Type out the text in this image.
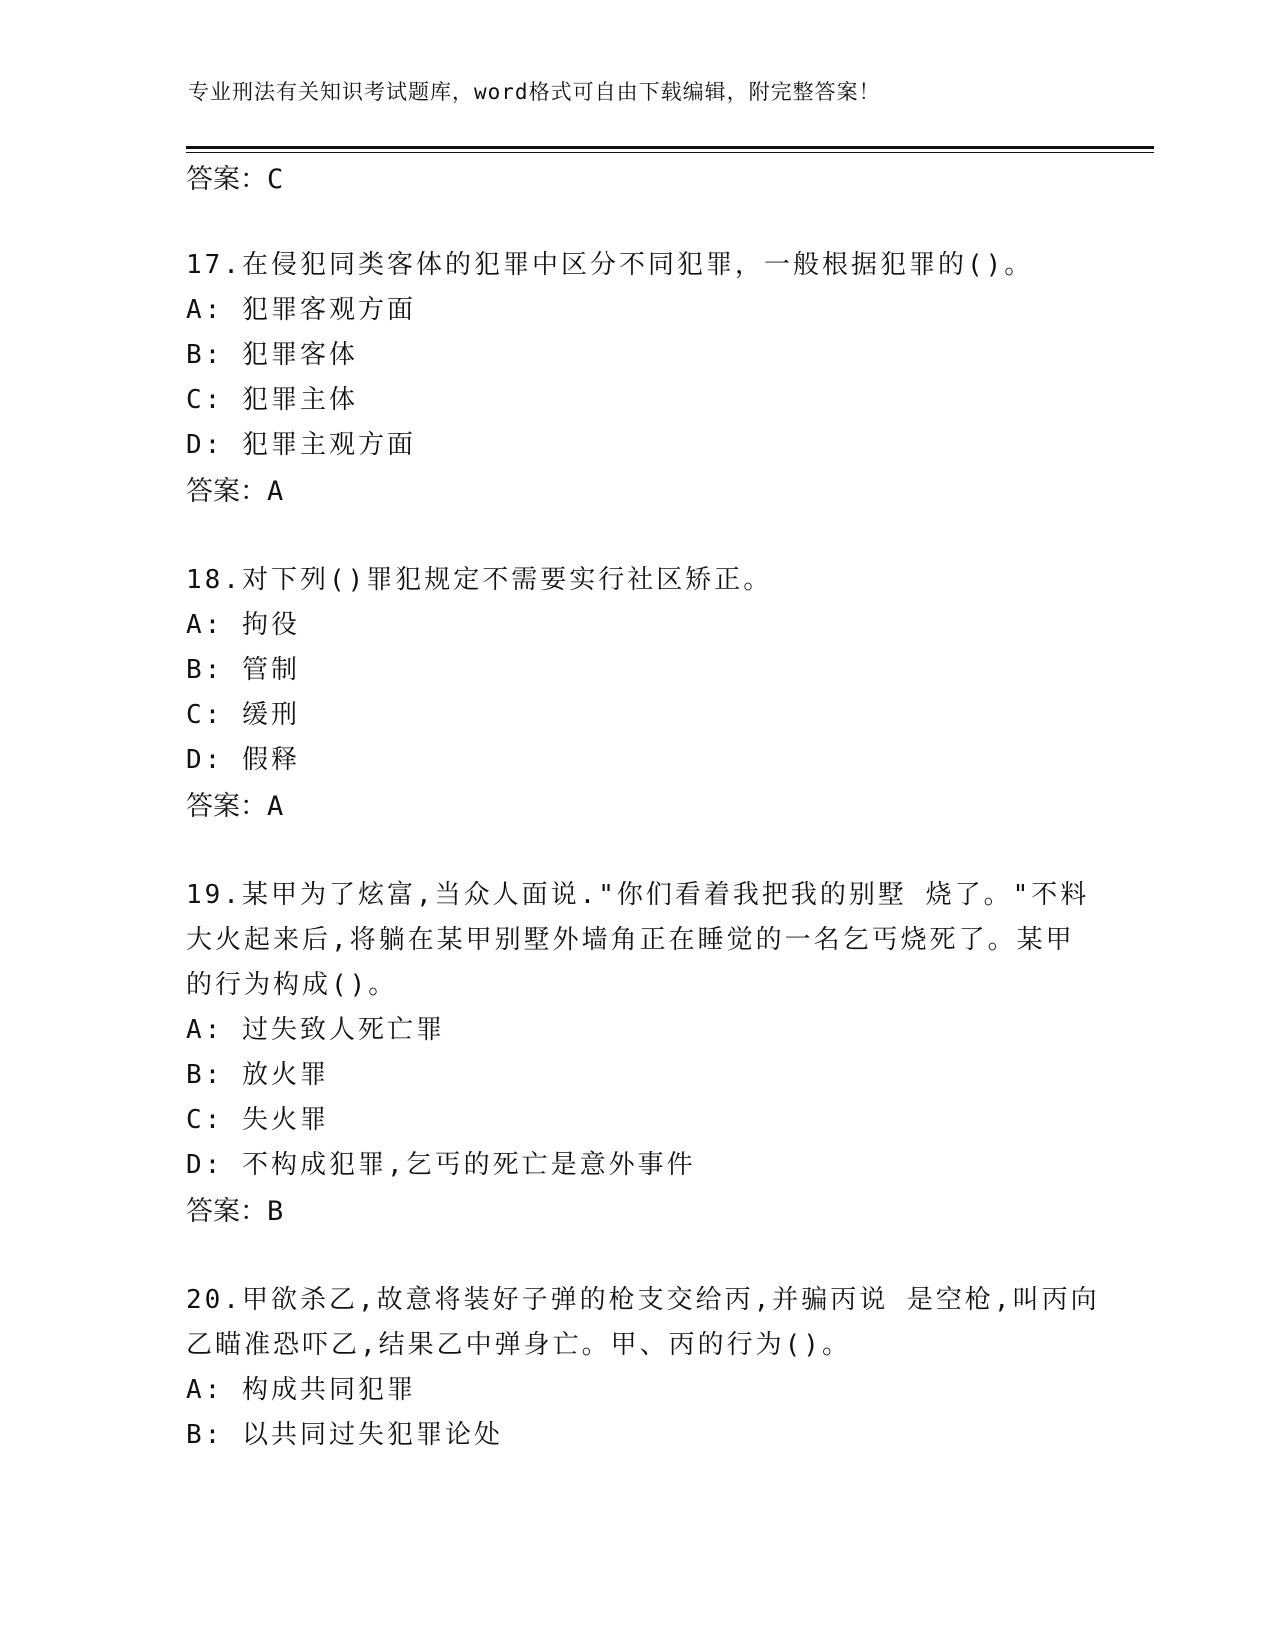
专业刑法有关知识考试题库，word格式可自由下载编辑，附完整答案！
答案：C
17.在侵犯同类客体的犯罪中区分不同犯罪，一般根据犯罪的()。
A: 犯罪客观方面
B: 犯罪客体
C: 犯罪主体
D: 犯罪主观方面
答案：A
18.对下列()罪犯规定不需要实行社区矫正。
A: 拘役
B: 管制
C: 缓刑
D: 假释
答案：A
19.某甲为了炫富,当众人面说."你们看着我把我的别墅 烧了。"不料
大火起来后,将躺在某甲别墅外墙角正在睡觉的一名乞丐烧死了。某甲
的行为构成()。
A: 过失致人死亡罪
B: 放火罪
C: 失火罪
D: 不构成犯罪,乞丐的死亡是意外事件
答案：B
20.甲欲杀乙,故意将装好子弹的枪支交给丙,并骗丙说 是空枪,叫丙向
乙瞄准恐吓乙,结果乙中弹身亡。甲、丙的行为()。
A: 构成共同犯罪
B: 以共同过失犯罪论处
